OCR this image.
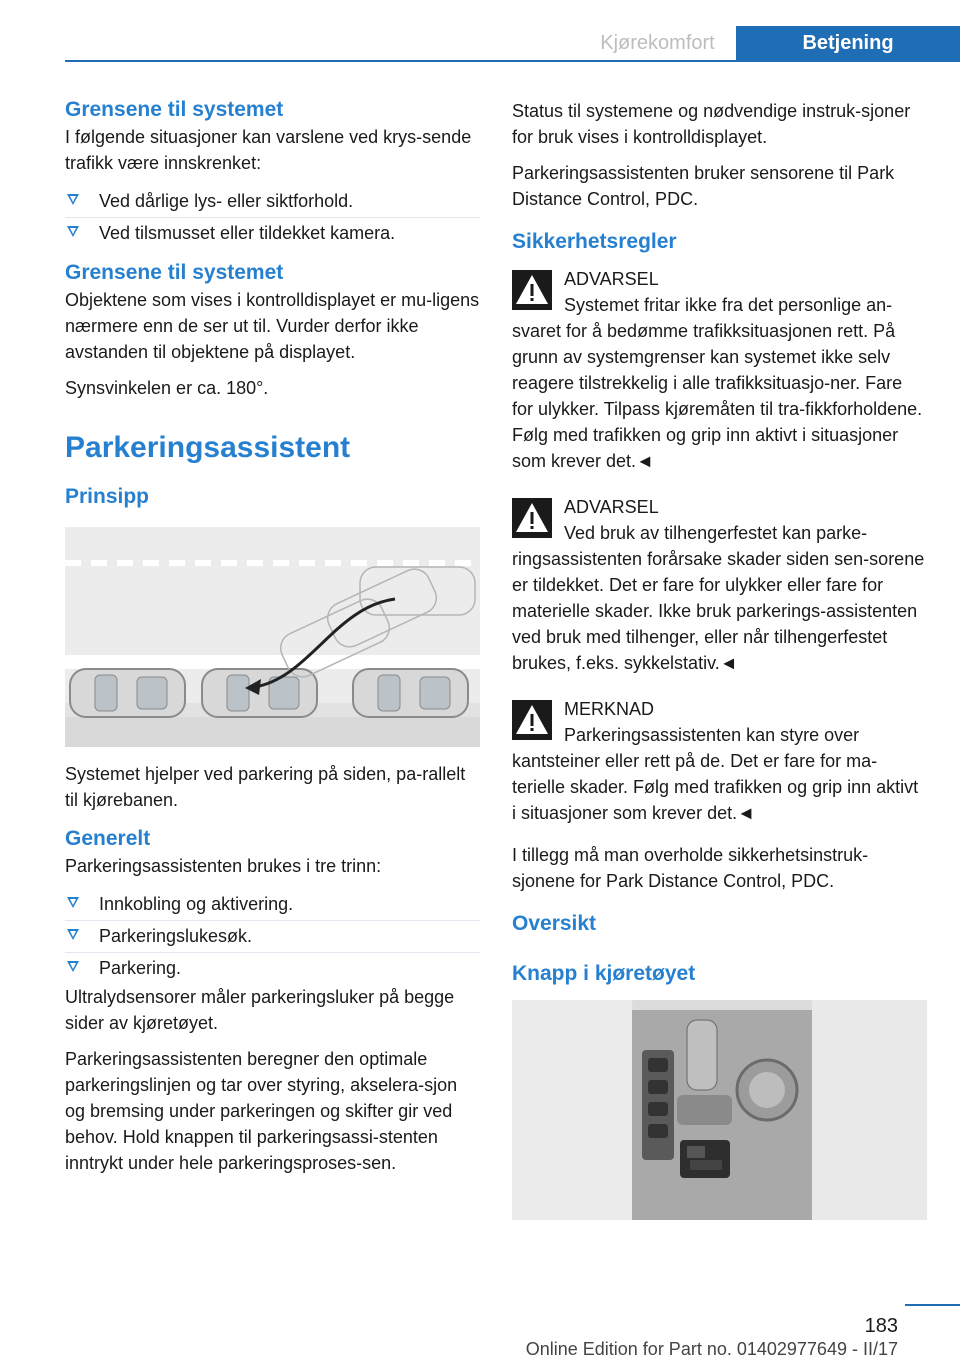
Kjørekomfort	Betjening
Grensene til systemet

I følgende situasjoner kan varslene ved krys-sende trafikk være innskrenket:

Ved dårlige lys- eller siktforhold.
Ved tilsmusset eller tildekket kamera.
Grensene til systemet

Objektene som vises i kontrolldisplayet er mu-ligens nærmere enn de ser ut til. Vurder derfor ikke avstanden til objektene på displayet.

Synsvinkelen er ca. 180°.

Parkeringsassistent
Prinsipp

Systemet hjelper ved parkering på siden, pa-rallelt til kjørebanen.

Generelt

Parkeringsassistenten brukes i tre trinn:

Innkobling og aktivering.
Parkeringslukesøk.
Parkering.

Ultralydsensorer måler parkeringsluker på begge sider av kjøretøyet.

Parkeringsassistenten beregner den optimale parkeringslinjen og tar over styring, akselera-sjon og bremsing under parkeringen og skifter gir ved behov. Hold knappen til parkeringsassi-stenten inntrykt under hele parkeringsproses-sen.

Status til systemene og nødvendige instruk-sjoner for bruk vises i kontrolldisplayet.

Parkeringsassistenten bruker sensorene til Park Distance Control, PDC.

Sikkerhetsregler
ADVARSEL
Systemet fritar ikke fra det personlige an-
svaret for å bedømme trafikksituasjonen rett. På grunn av systemgrenser kan systemet ikke selv reagere tilstrekkelig i alle trafikksituasjo-ner. Fare for ulykker. Tilpass kjøremåten til tra-fikkforholdene. Følg med trafikken og grip inn aktivt i situasjoner som krever det.◄
ADVARSEL
Ved bruk av tilhengerfestet kan parke-
ringsassistenten forårsake skader siden sen-sorene er tildekket. Det er fare for ulykker eller fare for materielle skader. Ikke bruk parkerings-assistenten ved bruk med tilhenger, eller når tilhengerfestet brukes, f.eks. sykkelstativ.◄
MERKNAD
Parkeringsassistenten kan styre over
kantsteiner eller rett på de. Det er fare for ma-terielle skader. Følg med trafikken og grip inn aktivt i situasjoner som krever det.◄

I tillegg må man overholde sikkerhetsinstruk-sjonene for Park Distance Control, PDC.

Oversikt
Knapp i kjøretøyet
183
Online Edition for Part no. 01402977649 - II/17
